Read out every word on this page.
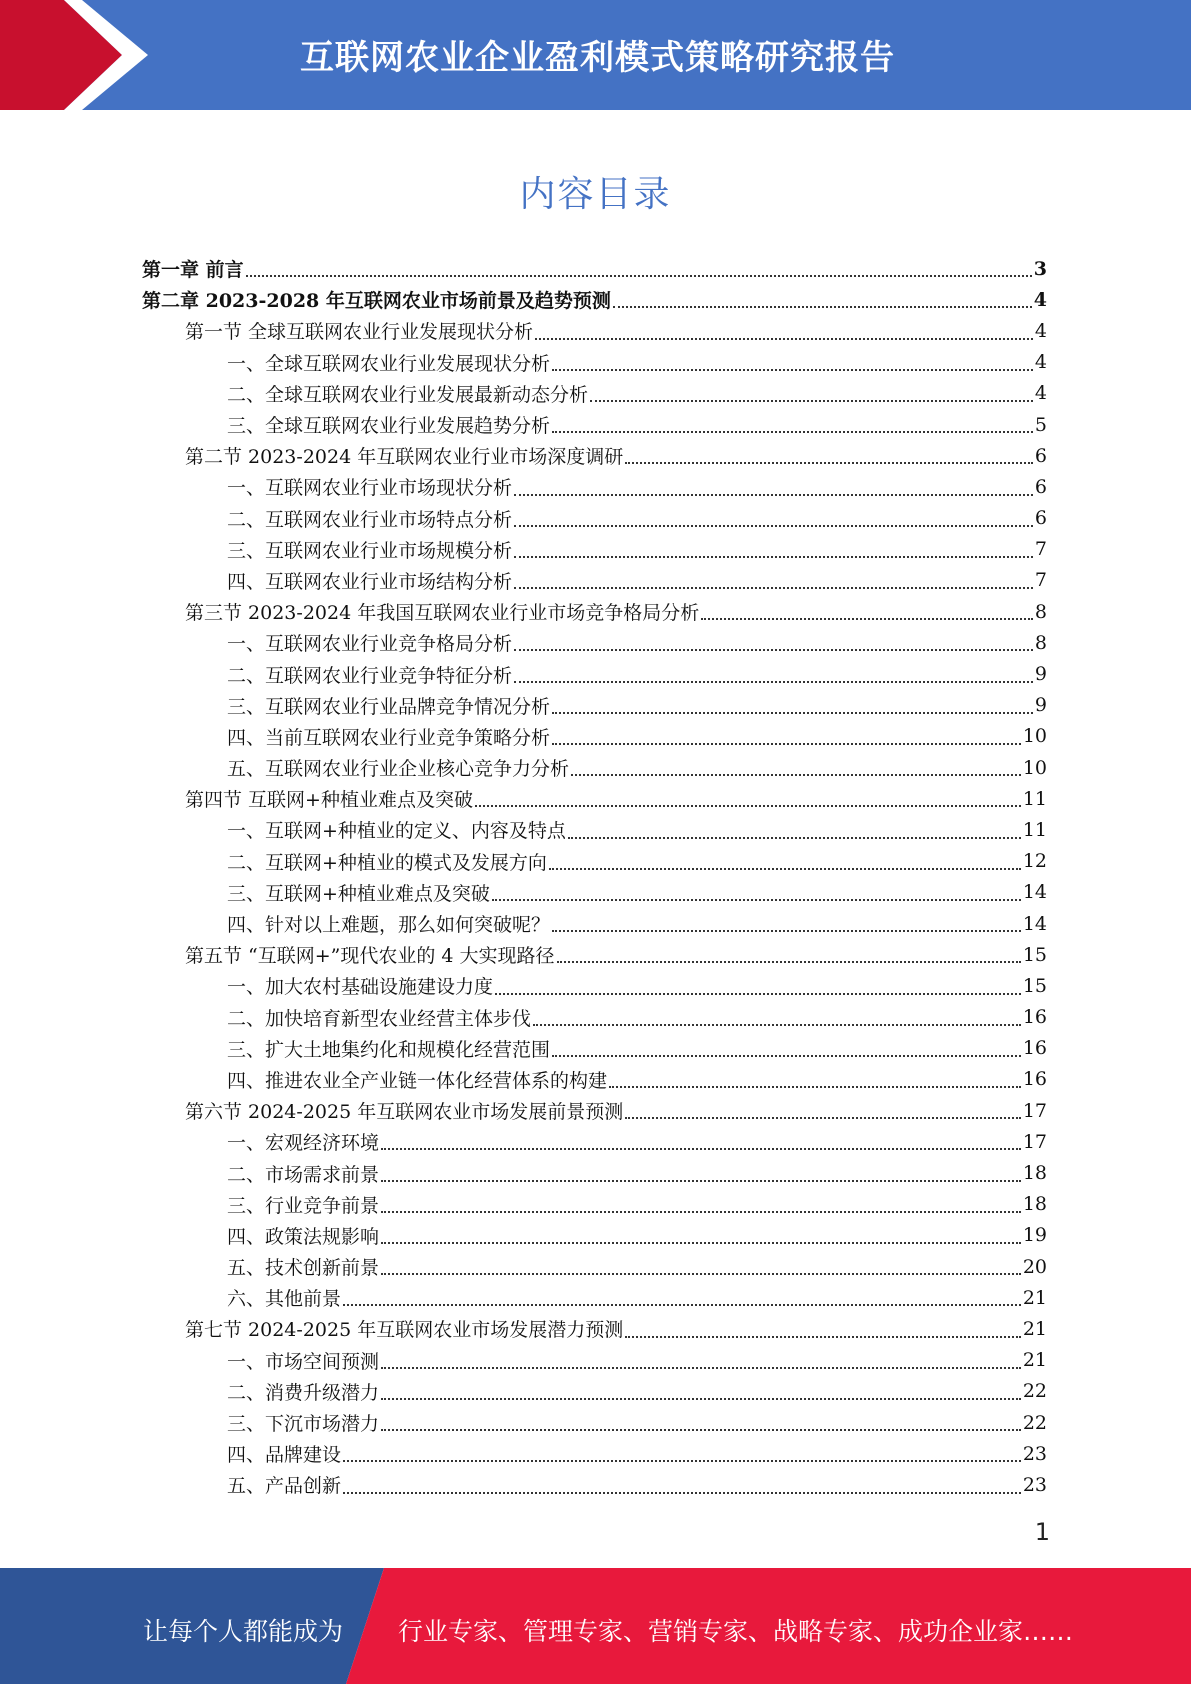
互联网农业企业盈利模式策略研究报告
内容目录
第一章 前言	3
第二章 2023-2028 年互联网农业市场前景及趋势预测	4
第一节 全球互联网农业行业发展现状分析	4
一、全球互联网农业行业发展现状分析	4
二、全球互联网农业行业发展最新动态分析	4
三、全球互联网农业行业发展趋势分析	5
第二节 2023-2024 年互联网农业行业市场深度调研	6
一、互联网农业行业市场现状分析	6
二、互联网农业行业市场特点分析	6
三、互联网农业行业市场规模分析	7
四、互联网农业行业市场结构分析	7
第三节 2023-2024 年我国互联网农业行业市场竞争格局分析	8
一、互联网农业行业竞争格局分析	8
二、互联网农业行业竞争特征分析	9
三、互联网农业行业品牌竞争情况分析	9
四、当前互联网农业行业竞争策略分析	10
五、互联网农业行业企业核心竞争力分析	10
第四节 互联网+种植业难点及突破	11
一、互联网+种植业的定义、内容及特点	11
二、互联网+种植业的模式及发展方向	12
三、互联网+种植业难点及突破	14
四、针对以上难题，那么如何突破呢？	14
第五节 “互联网+”现代农业的 4 大实现路径	15
一、加大农村基础设施建设力度	15
二、加快培育新型农业经营主体步伐	16
三、扩大土地集约化和规模化经营范围	16
四、推进农业全产业链一体化经营体系的构建	16
第六节 2024-2025 年互联网农业市场发展前景预测	17
一、宏观经济环境	17
二、市场需求前景	18
三、行业竞争前景	18
四、政策法规影响	19
五、技术创新前景	20
六、其他前景	21
第七节 2024-2025 年互联网农业市场发展潜力预测	21
一、市场空间预测	21
二、消费升级潜力	22
三、下沉市场潜力	22
四、品牌建设	23
五、产品创新	23
1
让每个人都能成为 行业专家、管理专家、营销专家、战略专家、成功企业家……
